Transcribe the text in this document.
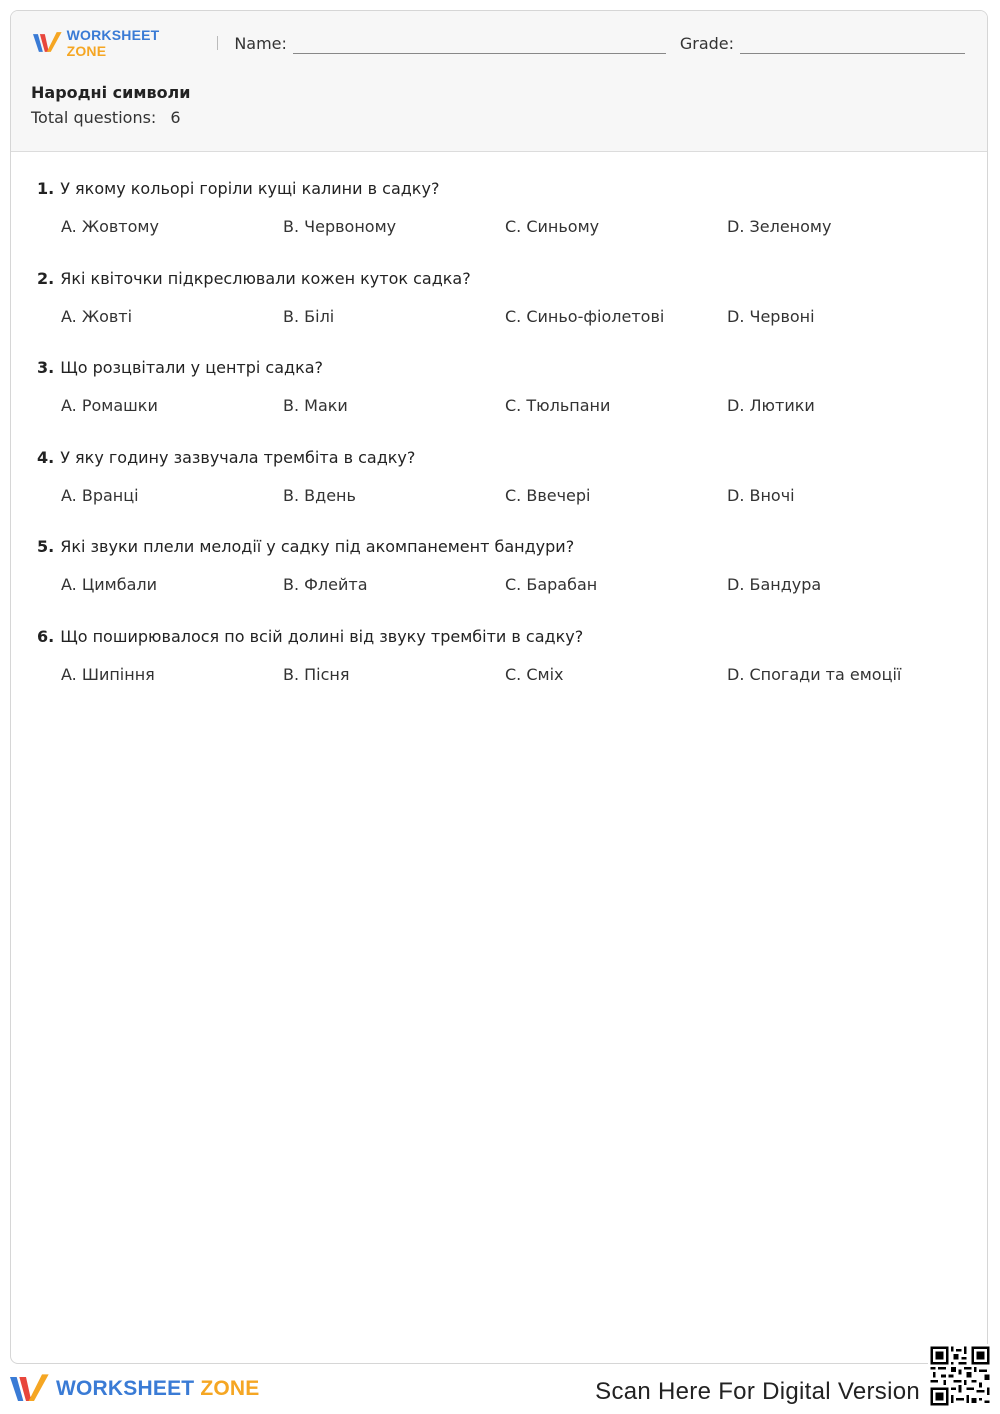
WORKSHEET ZONE	Name:	Grade:
Народні символи
Total questions: 6
1. У якому кольорі горіли кущі калини в садку?
A. Жовтому	B. Червоному	C. Синьому	D. Зеленому
2. Які квіточки підкреслювали кожен куток садка?
A. Жовті	B. Білі	C. Синьо-фіолетові	D. Червоні
3. Що розцвітали у центрі садка?
A. Ромашки	B. Маки	C. Тюльпани	D. Лютики
4. У яку годину зазвучала трембіта в садку?
A. Вранці	B. Вдень	C. Ввечері	D. Вночі
5. Які звуки плели мелодії у садку під акомпанемент бандури?
A. Цимбали	B. Флейта	C. Барабан	D. Бандура
6. Що поширювалося по всій долині від звуку трембіти в садку?
A. Шипіння	B. Пісня	C. Сміх	D. Спогади та емоції
WORKSHEET ZONE	Scan Here For Digital Version
